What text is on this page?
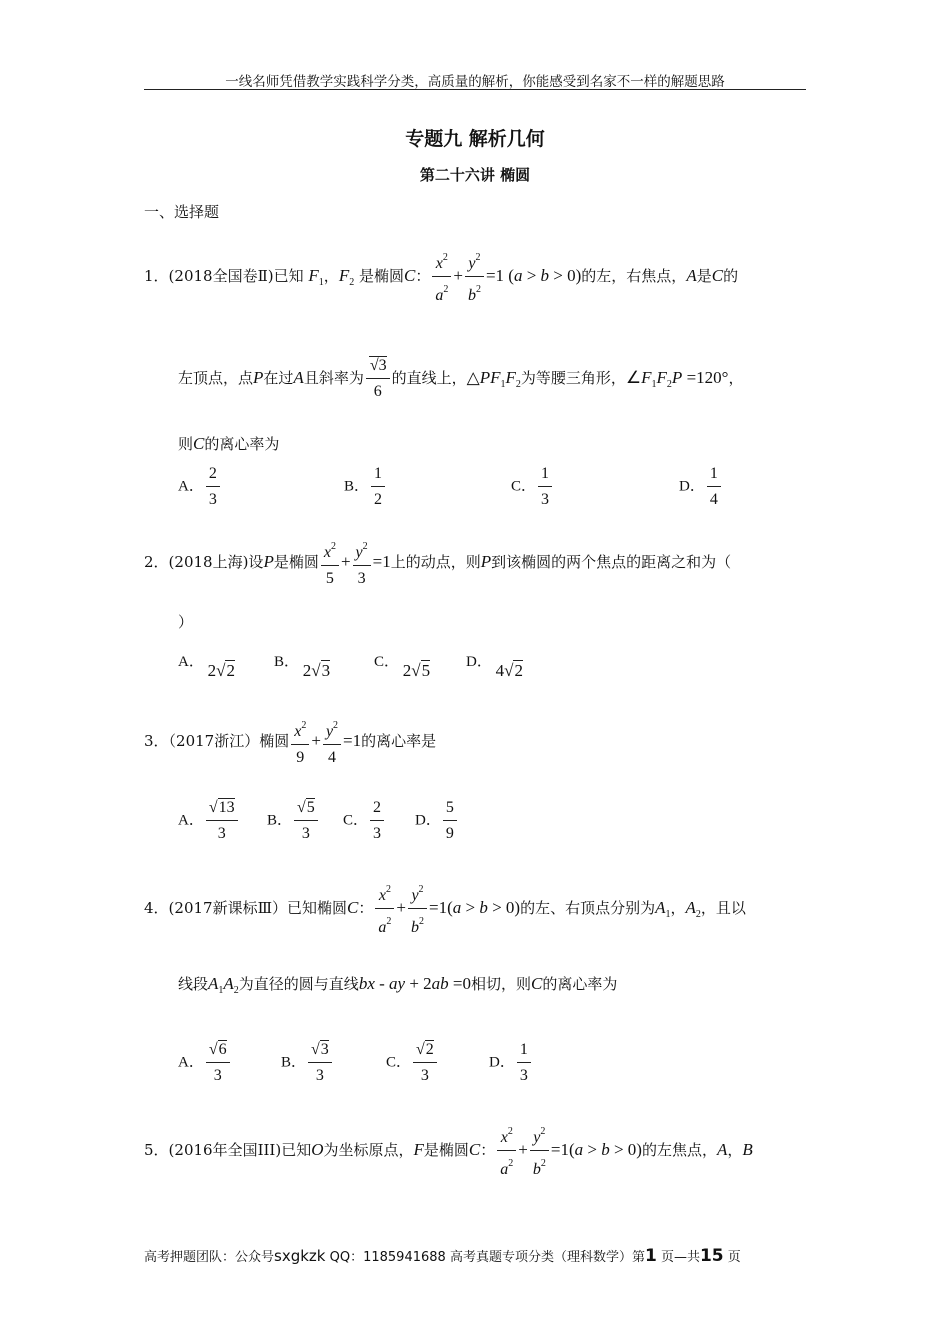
一线名师凭借教学实践科学分类，高质量的解析，你能感受到名家不一样的解题思路
专题九 解析几何
第二十六讲 椭圆
一、选择题
1．(2018全国卷Ⅱ)已知 $F_1$，$F_2$ 是椭圆C： $\frac{x^2}{a^2} + \frac{y^2}{b^2} =1$ (a > b > 0)的左，右焦点，A是C的
左顶点，点P在过A且斜率为 $\frac{√3}{6}$ 的直线上，$\triangle PF_1F_2$为等腰三角形，$\angle F_1F_2P =120^\circ$，
则C的离心率为
A． $\frac{2}{3}$	B． $\frac{1}{2}$	C． $\frac{1}{3}$	D． $\frac{1}{4}$
2．(2018上海)设P是椭圆 $\frac{x^2}{5} + \frac{y^2}{3} =1$上的动点，则P到该椭圆的两个焦点的距离之和为（
）
A． 2√2	B． 2√3	C． 2√5 D． 4√2
3．（2017浙江）椭圆 $\frac{x^2}{9} + \frac{y^2}{4} =1$的离心率是
A． $\frac{√13}{3}$ B． $\frac{√5}{3}$ C． $\frac{2}{3}$ D． $\frac{5}{9}$
4．(2017新课标Ⅲ）已知椭圆C： $\frac{x^2}{a^2} + \frac{y^2}{b^2} =1(a > b > 0)$的左、右顶点分别为$A_1$，$A_2$，且以
线段$A_1A_2$为直径的圆与直线bx - ay + 2ab =0相切，则C的离心率为
A． $\frac{√6}{3}$	B． $\frac{√3}{3}$	C． $\frac{√2}{3}$	D． $\frac{1}{3}$
5．(2016年全国III)已知O为坐标原点，F是椭圆C： $\frac{x^2}{a^2} + \frac{y^2}{b^2} =1(a > b > 0)$的左焦点，A，B
高考押题团队：公众号sxgkzk QQ：1185941688 高考真题专项分类（理科数学）第1 页—共15 页
